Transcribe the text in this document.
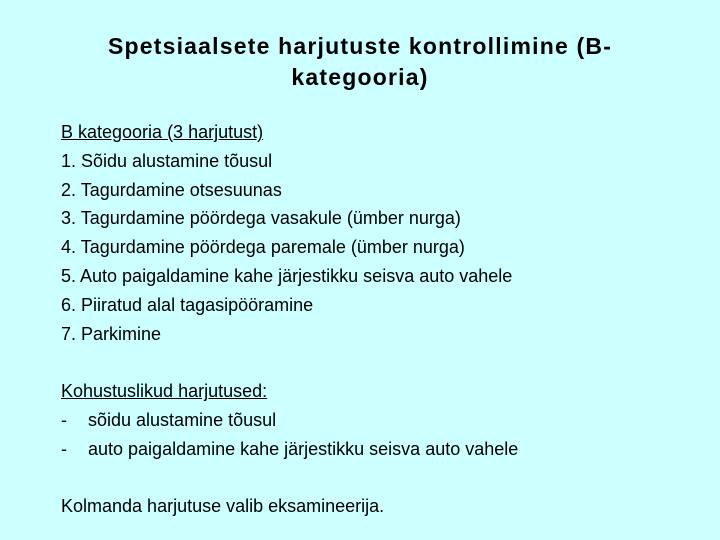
Spetsiaalsete harjutuste kontrollimine (B-
kategooria)
B kategooria (3 harjutust)
1. Sõidu alustamine tõusul
2. Tagurdamine otsesuunas
3. Tagurdamine pöördega vasakule (ümber nurga)
4. Tagurdamine pöördega paremale (ümber nurga)
5. Auto paigaldamine kahe järjestikku seisva auto vahele
6. Piiratud alal tagasipööramine
7. Parkimine
Kohustuslikud harjutused:
- sõidu alustamine tõusul
- auto paigaldamine kahe järjestikku seisva auto vahele
Kolmanda harjutuse valib eksamineerija.
